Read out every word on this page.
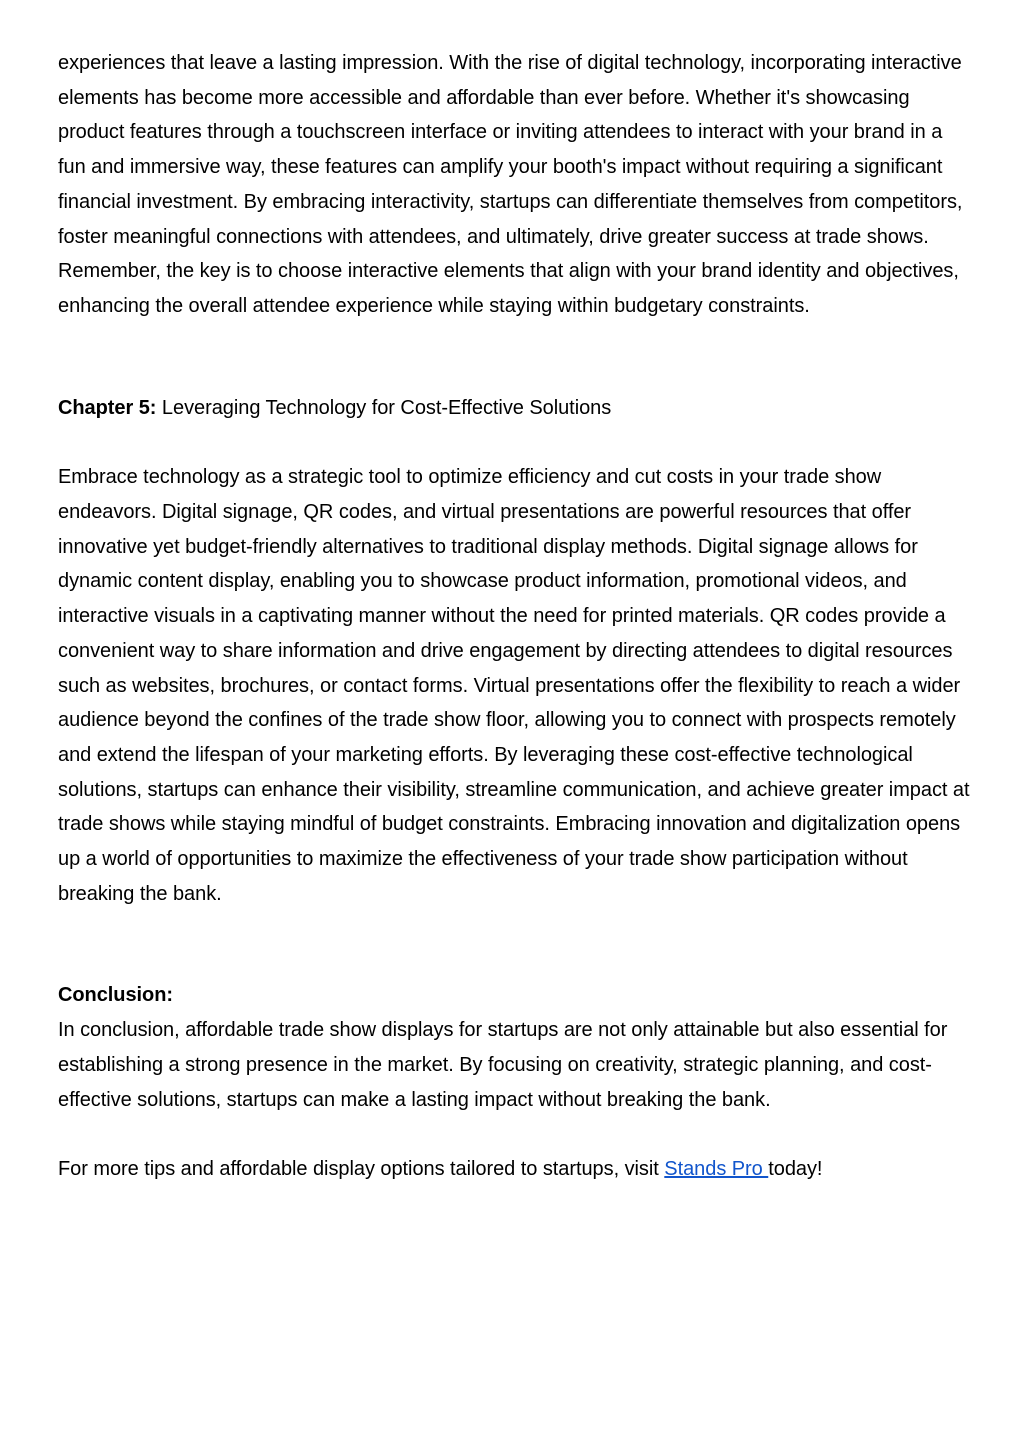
experiences that leave a lasting impression. With the rise of digital technology, incorporating interactive elements has become more accessible and affordable than ever before. Whether it's showcasing product features through a touchscreen interface or inviting attendees to interact with your brand in a fun and immersive way, these features can amplify your booth's impact without requiring a significant financial investment. By embracing interactivity, startups can differentiate themselves from competitors, foster meaningful connections with attendees, and ultimately, drive greater success at trade shows. Remember, the key is to choose interactive elements that align with your brand identity and objectives, enhancing the overall attendee experience while staying within budgetary constraints.

Chapter 5: Leveraging Technology for Cost-Effective Solutions

Embrace technology as a strategic tool to optimize efficiency and cut costs in your trade show endeavors. Digital signage, QR codes, and virtual presentations are powerful resources that offer innovative yet budget-friendly alternatives to traditional display methods. Digital signage allows for dynamic content display, enabling you to showcase product information, promotional videos, and interactive visuals in a captivating manner without the need for printed materials. QR codes provide a convenient way to share information and drive engagement by directing attendees to digital resources such as websites, brochures, or contact forms. Virtual presentations offer the flexibility to reach a wider audience beyond the confines of the trade show floor, allowing you to connect with prospects remotely and extend the lifespan of your marketing efforts. By leveraging these cost-effective technological solutions, startups can enhance their visibility, streamline communication, and achieve greater impact at trade shows while staying mindful of budget constraints. Embracing innovation and digitalization opens up a world of opportunities to maximize the effectiveness of your trade show participation without breaking the bank.

Conclusion:

In conclusion, affordable trade show displays for startups are not only attainable but also essential for establishing a strong presence in the market. By focusing on creativity, strategic planning, and cost-effective solutions, startups can make a lasting impact without breaking the bank.

For more tips and affordable display options tailored to startups, visit Stands Pro today!
